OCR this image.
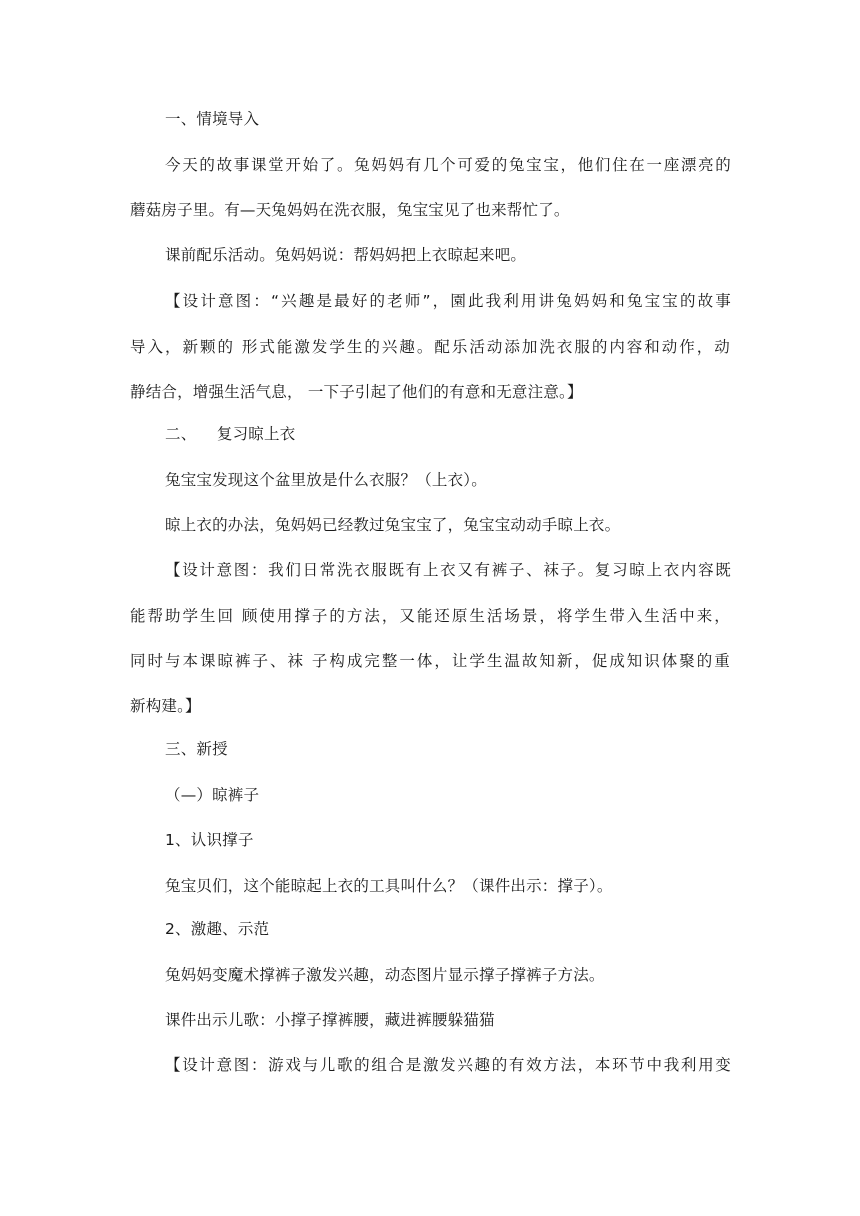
一、情境导入
今天的故事课堂开始了。兔妈妈有几个可爱的兔宝宝，他们住在一座漂亮的
蘑菇房子里。有—天兔妈妈在洗衣服，兔宝宝见了也来帮忙了。
课前配乐活动。兔妈妈说：帮妈妈把上衣晾起来吧。
【设计意图：“兴趣是最好的老师”，園此我利用讲兔妈妈和兔宝宝的故事
导入，新颗的 形式能激发学生的兴趣。配乐活动添加洗衣服的内容和动作，动
静结合，增强生活气息， 一下子引起了他们的有意和无意注意。】
二、    复习晾上衣
兔宝宝发现这个盆里放是什么衣服？（上衣）。
晾上衣的办法，兔妈妈已经教过兔宝宝了，兔宝宝动动手晾上衣。
【设计意图：我们日常洗衣服既有上衣又有裤子、袜子。复习晾上衣内容既
能帮助学生回 顾使用撑子的方法，又能还原生活场景，将学生带入生活中来，
同时与本课晾裤子、袜 子构成完整一体，让学生温故知新，促成知识体聚的重
新构建。】
三、新授
（—）晾裤子
1、认识撑子
兔宝贝们，这个能晾起上衣的工具叫什么？（课件出示：撑子）。
2、激趣、示范
兔妈妈变魔术撑裤子激发兴趣，动态图片显示撑子撑裤子方法。
课件出示儿歌：小撑子撑裤腰，藏进裤腰躲猫猫
【设计意图：游戏与儿歌的组合是激发兴趣的有效方法，本环节中我利用变
